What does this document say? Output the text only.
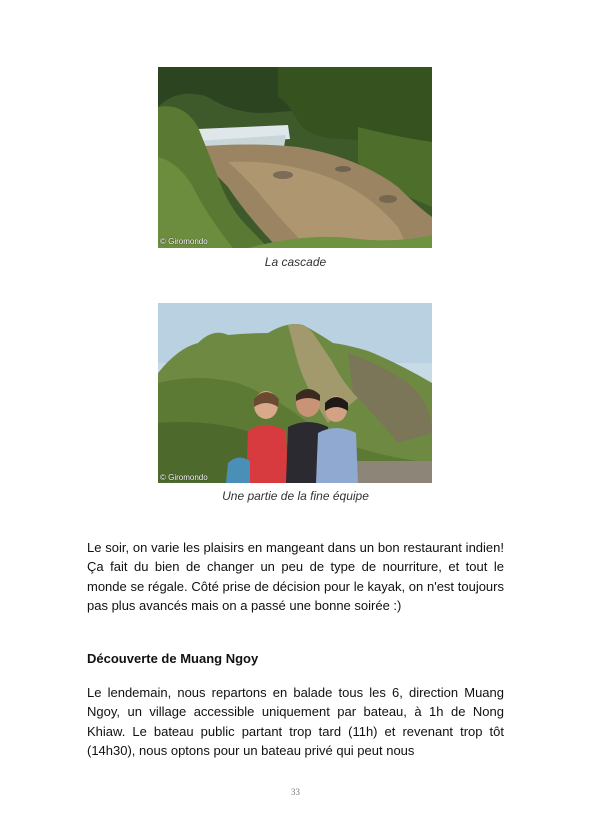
© Giromondo
La cascade
© Giromondo
Une partie de la fine équipe

Le soir, on varie les plaisirs en mangeant dans un bon restaurant indien! Ça fait du bien de changer un peu de type de nourriture, et tout le monde se régale. Côté prise de décision pour le kayak, on n'est toujours pas plus avancés mais on a passé une bonne soirée :)

Découverte de Muang Ngoy

Le lendemain, nous repartons en balade tous les 6, direction Muang Ngoy, un village accessible uniquement par bateau, à 1h de Nong Khiaw. Le bateau public partant trop tard (11h) et revenant trop tôt (14h30), nous optons pour un bateau privé qui peut nous

33
